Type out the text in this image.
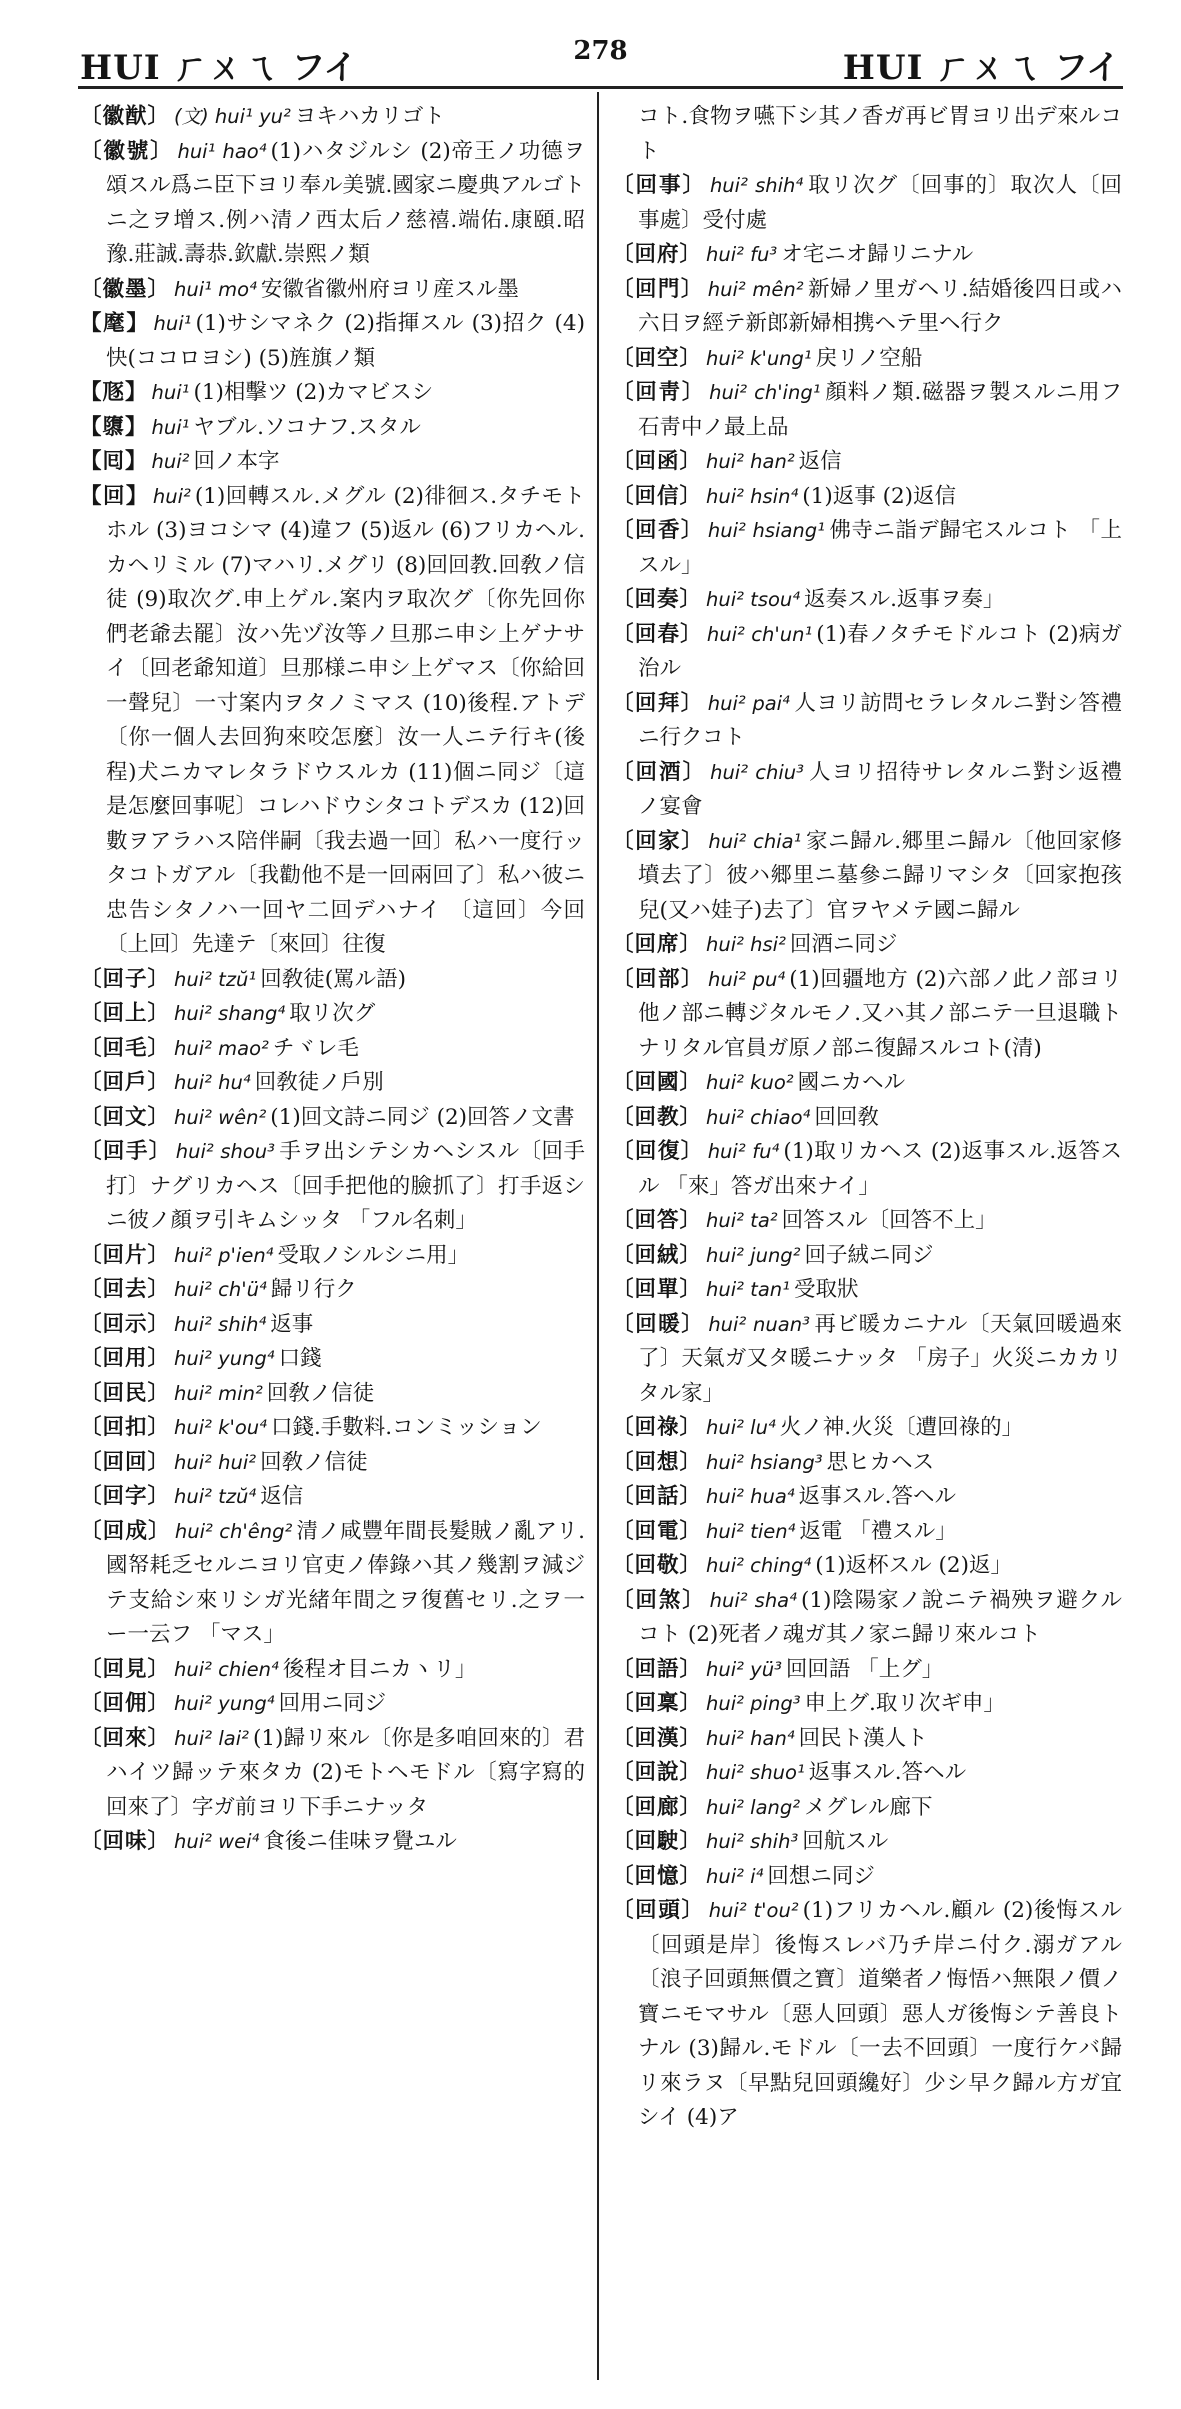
HUI ㄏㄨㄟ フイ	278	HUI ㄏㄨㄟ フイ

〔徽猷〕 (文) hui¹ yu² ヨキハカリゴト

〔徽號〕 hui¹ hao⁴ (1)ハタジルシ (2)帝王ノ功德ヲ頌スル爲ニ臣下ヨリ奉ル美號.國家ニ慶典アルゴトニ之ヲ增ス.例ハ清ノ西太后ノ慈禧.端佑.康頤.昭豫.莊誠.壽恭.欽獻.崇熙ノ類

〔徽墨〕 hui¹ mo⁴ 安徽省徽州府ヨリ産スル墨

【麾】 hui¹ (1)サシマネク (2)指揮スル (3)招ク (4)快(ココロヨシ) (5)旌旗ノ類

【豗】 hui¹ (1)相擊ツ (2)カマビスシ

【隳】 hui¹ ヤブル.ソコナフ.スタル

【囘】 hui² 回ノ本字

【回】 hui² (1)回轉スル.メグル (2)徘徊ス.タチモトホル (3)ヨコシマ (4)違フ (5)返ル (6)フリカヘル.カヘリミル (7)マハリ.メグリ (8)回回教.回敎ノ信徒 (9)取次グ.申上ゲル.案内ヲ取次グ〔你先回你們老爺去罷〕汝ハ先ヅ汝等ノ旦那ニ申シ上ゲナサイ〔回老爺知道〕旦那様ニ申シ上ゲマス〔你給回一聲兒〕一寸案内ヲタノミマス (10)後程.アトデ〔你一個人去回狗來咬怎麼〕汝一人ニテ行キ(後程)犬ニカマレタラドウスルカ (11)個ニ同ジ〔這是怎麼回事呢〕コレハドウシタコトデスカ (12)回數ヲアラハス陪伴嗣〔我去過一回〕私ハ一度行ッタコトガアル〔我勸他不是一回兩回了〕私ハ彼ニ忠告シタノハ一回ヤ二回デハナイ 〔這回〕今回〔上回〕先達テ〔來回〕往復

〔回子〕 hui² tzŭ¹ 回敎徒(罵ル語)

〔回上〕 hui² shang⁴ 取リ次グ

〔回毛〕 hui² mao² チヾレ毛

〔回戶〕 hui² hu⁴ 回敎徒ノ戶別

〔回文〕 hui² wên² (1)回文詩ニ同ジ (2)回答ノ文書

〔回手〕 hui² shou³ 手ヲ出シテシカヘシスル〔回手打〕ナグリカヘス〔回手把他的臉抓了〕打手返シニ彼ノ顏ヲ引キムシッタ 「フル名刺」

〔回片〕 hui² p'ien⁴ 受取ノシルシニ用」

〔回去〕 hui² ch'ü⁴ 歸リ行ク

〔回示〕 hui² shih⁴ 返事

〔回用〕 hui² yung⁴ 口錢

〔回民〕 hui² min² 回敎ノ信徒

〔回扣〕 hui² k'ou⁴ 口錢.手數料.コンミッション

〔回回〕 hui² hui² 回敎ノ信徒

〔回字〕 hui² tzŭ⁴ 返信

〔回成〕 hui² ch'êng² 清ノ咸豐年間長髮賊ノ亂アリ.國帑耗乏セルニヨリ官吏ノ俸錄ハ其ノ幾割ヲ減ジテ支給シ來リシガ光緒年間之ヲ復舊セリ.之ヲ一ー一云フ 「マス」

〔回見〕 hui² chien⁴ 後程オ目ニカヽリ」

〔回佣〕 hui² yung⁴ 回用ニ同ジ

〔回來〕 hui² lai² (1)歸リ來ル〔你是多咱回來的〕君ハイツ歸ッテ來タカ (2)モトヘモドル〔寫字寫的回來了〕字ガ前ヨリ下手ニナッタ

〔回味〕 hui² wei⁴ 食後ニ佳味ヲ覺ユル

コト.食物ヲ嚥下シ其ノ香ガ再ビ胃ヨリ出デ來ルコト

〔回事〕 hui² shih⁴ 取リ次グ〔回事的〕取次人〔回事處〕受付處

〔回府〕 hui² fu³ オ宅ニオ歸リニナル

〔回門〕 hui² mên² 新婦ノ里ガヘリ.結婚後四日或ハ六日ヲ經テ新郎新婦相携ヘテ里ヘ行ク

〔回空〕 hui² k'ung¹ 戻リノ空船

〔回靑〕 hui² ch'ing¹ 顏料ノ類.磁器ヲ製スルニ用フ石靑中ノ最上品

〔回函〕 hui² han² 返信

〔回信〕 hui² hsin⁴ (1)返事 (2)返信

〔回香〕 hui² hsiang¹ 佛寺ニ詣デ歸宅スルコト 「上スル」

〔回奏〕 hui² tsou⁴ 返奏スル.返事ヲ奏」

〔回春〕 hui² ch'un¹ (1)春ノタチモドルコト (2)病ガ治ル

〔回拜〕 hui² pai⁴ 人ヨリ訪問セラレタルニ對シ答禮ニ行クコト

〔回酒〕 hui² chiu³ 人ヨリ招待サレタルニ對シ返禮ノ宴會

〔回家〕 hui² chia¹ 家ニ歸ル.郷里ニ歸ル〔他回家修墳去了〕彼ハ郷里ニ墓參ニ歸リマシタ〔回家抱孩兒(又ハ娃子)去了〕官ヲヤメテ國ニ歸ル

〔回席〕 hui² hsi² 回酒ニ同ジ

〔回部〕 hui² pu⁴ (1)回疆地方 (2)六部ノ此ノ部ヨリ他ノ部ニ轉ジタルモノ.又ハ其ノ部ニテ一旦退職トナリタル官員ガ原ノ部ニ復歸スルコト(清)

〔回國〕 hui² kuo² 國ニカヘル

〔回教〕 hui² chiao⁴ 回回敎

〔回復〕 hui² fu⁴ (1)取リカヘス (2)返事スル.返答スル 「來」答ガ出來ナイ」

〔回答〕 hui² ta² 回答スル〔回答不上」

〔回絨〕 hui² jung² 回子絨ニ同ジ

〔回單〕 hui² tan¹ 受取狀

〔回暖〕 hui² nuan³ 再ビ暖カニナル〔天氣回暖過來了〕天氣ガ又タ暖ニナッタ 「房子」火災ニカカリタル家」

〔回祿〕 hui² lu⁴ 火ノ神.火災〔遭回祿的」

〔回想〕 hui² hsiang³ 思ヒカヘス

〔回話〕 hui² hua⁴ 返事スル.答ヘル

〔回電〕 hui² tien⁴ 返電 「禮スル」

〔回敬〕 hui² ching⁴ (1)返杯スル (2)返」

〔回煞〕 hui² sha⁴ (1)陰陽家ノ說ニテ禍殃ヲ避クルコト (2)死者ノ魂ガ其ノ家ニ歸リ來ルコト

〔回語〕 hui² yü³ 回回語 「上グ」

〔回稟〕 hui² ping³ 申上グ.取リ次ギ申」

〔回漢〕 hui² han⁴ 回民ト漢人ト

〔回說〕 hui² shuo¹ 返事スル.答ヘル

〔回廊〕 hui² lang² メグレル廊下

〔回駛〕 hui² shih³ 回航スル

〔回憶〕 hui² i⁴ 回想ニ同ジ

〔回頭〕 hui² t'ou² (1)フリカヘル.顧ル (2)後悔スル〔回頭是岸〕後悔スレバ乃チ岸ニ付ク.溺ガアル〔浪子回頭無價之寶〕道樂者ノ悔悟ハ無限ノ價ノ寶ニモマサル〔惡人回頭〕惡人ガ後悔シテ善良トナル (3)歸ル.モドル〔一去不回頭〕一度行ケバ歸リ來ラヌ〔早點兒回頭纔好〕少シ早ク歸ル方ガ宜シイ (4)ア
